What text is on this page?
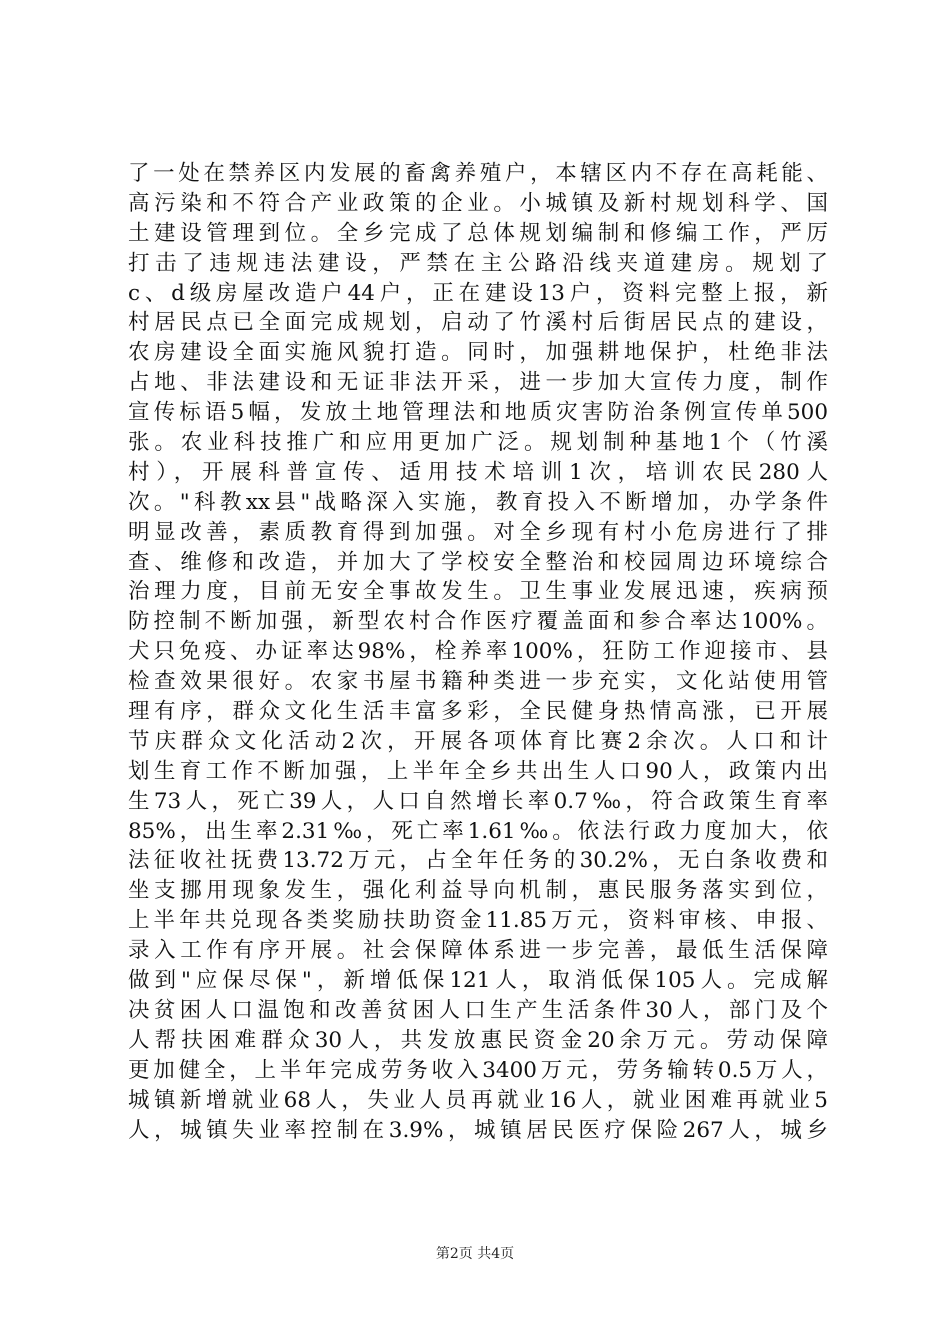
了一处在禁养区内发展的畜禽养殖户，本辖区内不存在高耗能、
高污染和不符合产业政策的企业。小城镇及新村规划科学、国
土建设管理到位。全乡完成了总体规划编制和修编工作，严厉
打击了违规违法建设，严禁在主公路沿线夹道建房。规划了
c、d级房屋改造户44户，正在建设13户，资料完整上报，新
村居民点已全面完成规划，启动了竹溪村后街居民点的建设，
农房建设全面实施风貌打造。同时，加强耕地保护，杜绝非法
占地、非法建设和无证非法开采，进一步加大宣传力度，制作
宣传标语5幅，发放土地管理法和地质灾害防治条例宣传单500
张。农业科技推广和应用更加广泛。规划制种基地1个（竹溪
村），开展科普宣传、适用技术培训1次，培训农民280人
次。"科教xx县"战略深入实施，教育投入不断增加，办学条件
明显改善，素质教育得到加强。对全乡现有村小危房进行了排
查、维修和改造，并加大了学校安全整治和校园周边环境综合
治理力度，目前无安全事故发生。卫生事业发展迅速，疾病预
防控制不断加强，新型农村合作医疗覆盖面和参合率达100%。
犬只免疫、办证率达98%，栓养率100%，狂防工作迎接市、县
检查效果很好。农家书屋书籍种类进一步充实，文化站使用管
理有序，群众文化生活丰富多彩，全民健身热情高涨，已开展
节庆群众文化活动2次，开展各项体育比赛2余次。人口和计
划生育工作不断加强，上半年全乡共出生人口90人，政策内出
生73人，死亡39人，人口自然增长率0.7‰，符合政策生育率
85%，出生率2.31‰，死亡率1.61‰。依法行政力度加大，依
法征收社抚费13.72万元，占全年任务的30.2%，无白条收费和
坐支挪用现象发生，强化利益导向机制，惠民服务落实到位，
上半年共兑现各类奖励扶助资金11.85万元，资料审核、申报、
录入工作有序开展。社会保障体系进一步完善，最低生活保障
做到"应保尽保"，新增低保121人，取消低保105人。完成解
决贫困人口温饱和改善贫困人口生产生活条件30人，部门及个
人帮扶困难群众30人，共发放惠民资金20余万元。劳动保障
更加健全，上半年完成劳务收入3400万元，劳务输转0.5万人，
城镇新增就业68人，失业人员再就业16人，就业困难再就业5
人，城镇失业率控制在3.9%，城镇居民医疗保险267人，城乡
第2页 共4页
